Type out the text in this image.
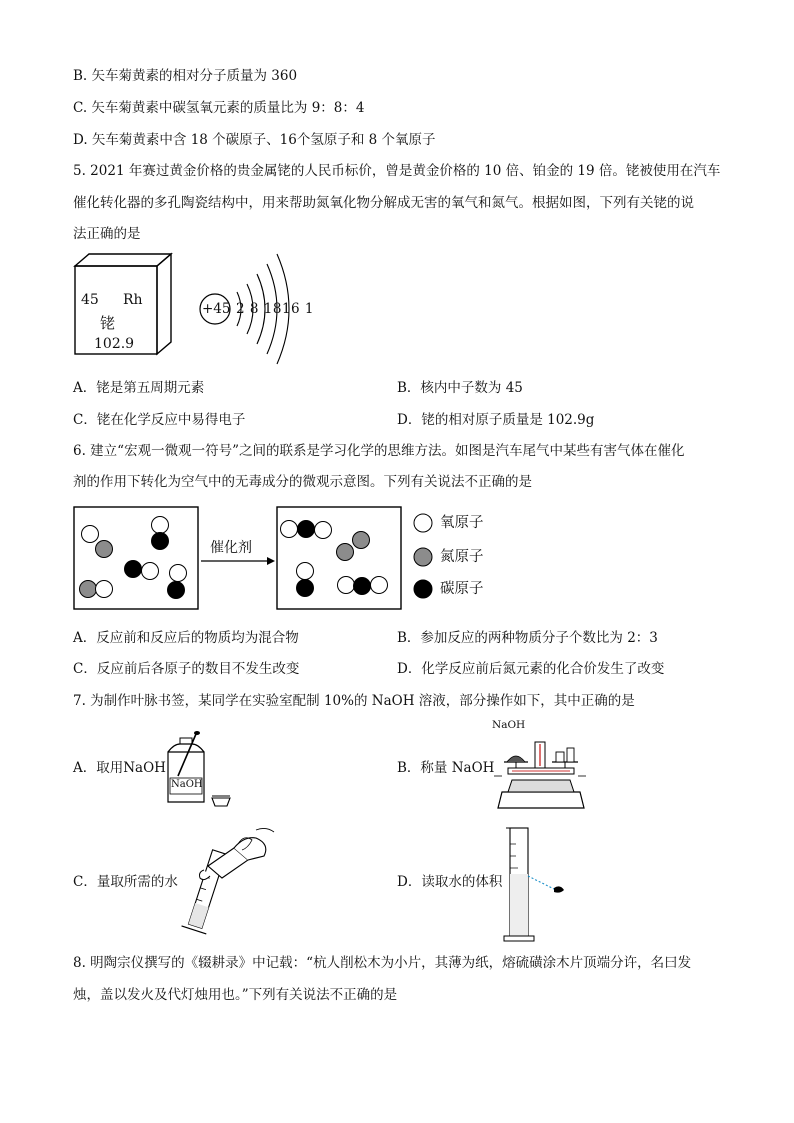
B. 矢车菊黄素的相对分子质量为 360
C. 矢车菊黄素中碳氢氧元素的质量比为 9：8：4
D. 矢车菊黄素中含 18 个碳原子、16个氢原子和 8 个氧原子
5. 2021 年赛过黄金价格的贵金属铑的人民币标价，曾是黄金价格的 10 倍、铂金的 19 倍。铑被使用在汽车
催化转化器的多孔陶瓷结构中，用来帮助氮氧化物分解成无害的氧气和氮气。根据如图，下列有关铑的说
法正确的是
45 Rh
铑
102.9
+45 2 8 1816 1
A．铑是第五周期元素	B．核内中子数为 45
C．铑在化学反应中易得电子	D．铑的相对原子质量是 102.9g
6. 建立“宏观一微观一符号”之间的联系是学习化学的思维方法。如图是汽车尾气中某些有害气体在催化
剂的作用下转化为空气中的无毒成分的微观示意图。下列有关说法不正确的是
催化剂
氧原子
氮原子
碳原子
A．反应前和反应后的物质均为混合物	B．参加反应的两种物质分子个数比为 2：3
C．反应前后各原子的数目不发生改变	D．化学反应前后氮元素的化合价发生了改变
7. 为制作叶脉书签，某同学在实验室配制 10%的 NaOH 溶液，部分操作如下，其中正确的是
A．取用NaOH
NaOH
B．称量 NaOH
NaOH
C．量取所需的水	D．读取水的体积
8. 明陶宗仪撰写的《辍耕录》中记载：“杭人削松木为小片，其薄为纸，熔硫磺涂木片顶端分许，名曰发
烛，盖以发火及代灯烛用也。”下列有关说法不正确的是
